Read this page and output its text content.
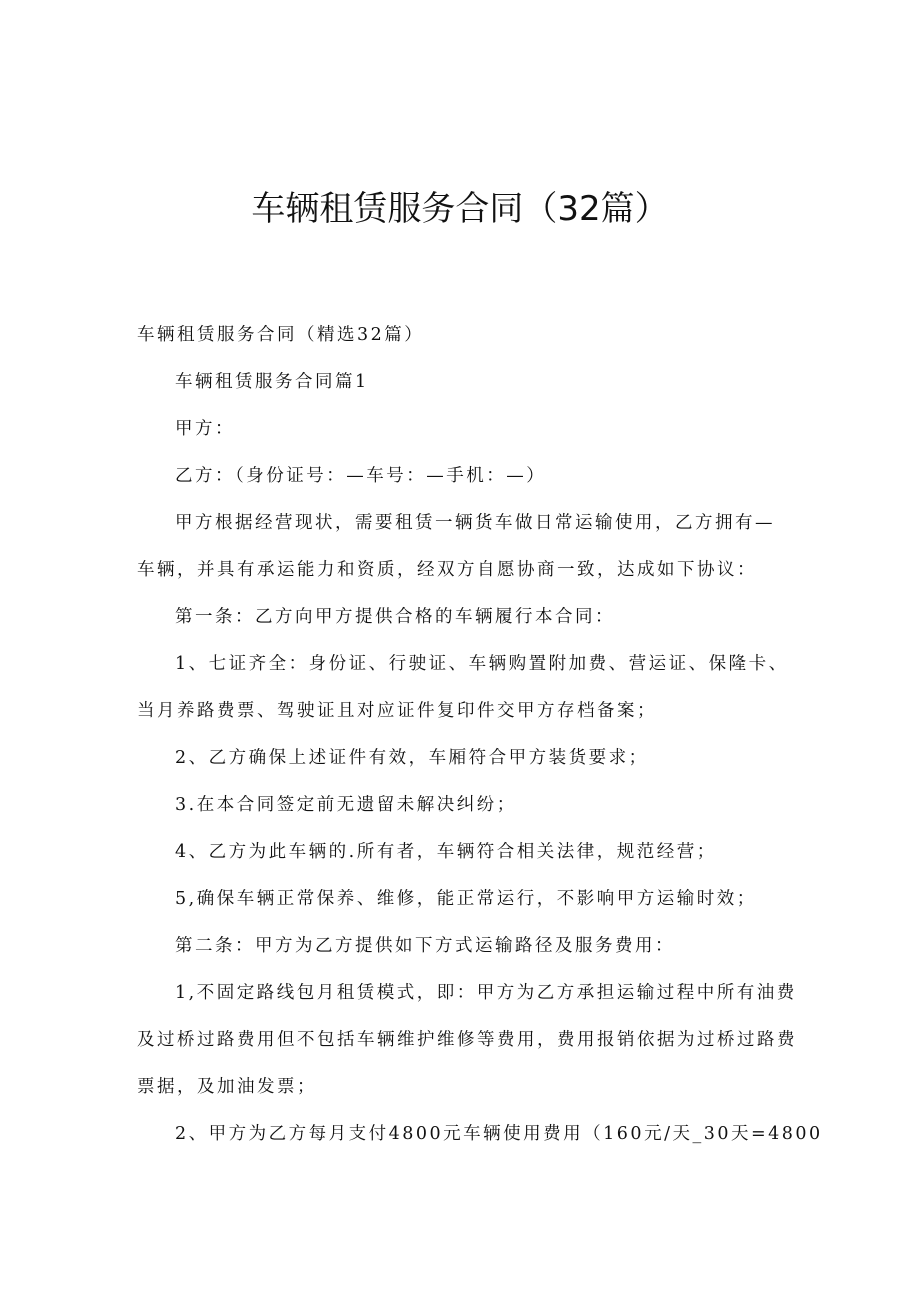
车辆租赁服务合同（32篇）
车辆租赁服务合同（精选32篇）
车辆租赁服务合同篇1
甲方：
乙方：（身份证号：—车号：—手机：—）
甲方根据经营现状，需要租赁一辆货车做日常运输使用，乙方拥有—
车辆，并具有承运能力和资质，经双方自愿协商一致，达成如下协议：
第一条：乙方向甲方提供合格的车辆履行本合同：
1、七证齐全：身份证、行驶证、车辆购置附加费、营运证、保隆卡、
当月养路费票、驾驶证且对应证件复印件交甲方存档备案；
2、乙方确保上述证件有效，车厢符合甲方装货要求；
3.在本合同签定前无遗留未解决纠纷；
4、乙方为此车辆的.所有者，车辆符合相关法律，规范经营；
5,确保车辆正常保养、维修，能正常运行，不影响甲方运输时效；
第二条：甲方为乙方提供如下方式运输路径及服务费用：
1,不固定路线包月租赁模式，即：甲方为乙方承担运输过程中所有油费
及过桥过路费用但不包括车辆维护维修等费用，费用报销依据为过桥过路费
票据，及加油发票；
2、甲方为乙方每月支付4800元车辆使用费用（160元/天_30天=4800
